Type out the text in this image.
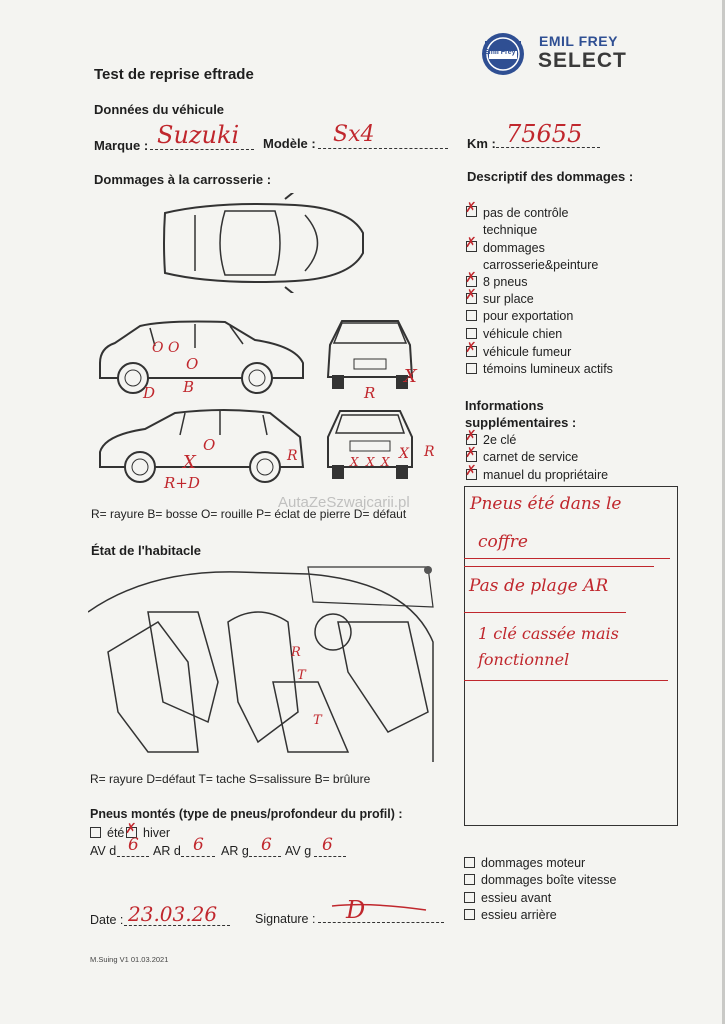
Test de reprise eftrade
Emil Frey
EMIL FREY
SELECT
Données du véhicule
Marque : Suzuki Modèle : Sx4	Km : 75655
Dommages à la carrosserie :
D B
O
O O
R
X
R+D
O
R
X	X X X X R
AutaZeSzwajcarii.pl
R= rayure B= bosse O= rouille P= éclat de pierre D= défaut
Descriptif des dommages :
✗pas de contrôle technique
✗dommages carrosserie&peinture
✗8 pneus
✗sur place
pour exportation
véhicule chien
✗véhicule fumeur
témoins lumineux actifs
Informations
supplémentaires :
✗2e clé
✗carnet de service
✗manuel du propriétaire
Pneus été dans le
coffre
Pas de plage AR
1 clé cassée mais
fonctionnel
État de l'habitacle
R
T
T
R= rayure D=défaut T= tache S=salissure B= brûlure
Pneus montés (type de pneus/profondeur du profil) :
été
✗	hiver
AV d 6 AR d 6 AR g 6 AV g 6
dommages moteur
dommages boîte vitesse
essieu avant
essieu arrière
Date : 23.03.26	Signature : D
M.Suing V1 01.03.2021
